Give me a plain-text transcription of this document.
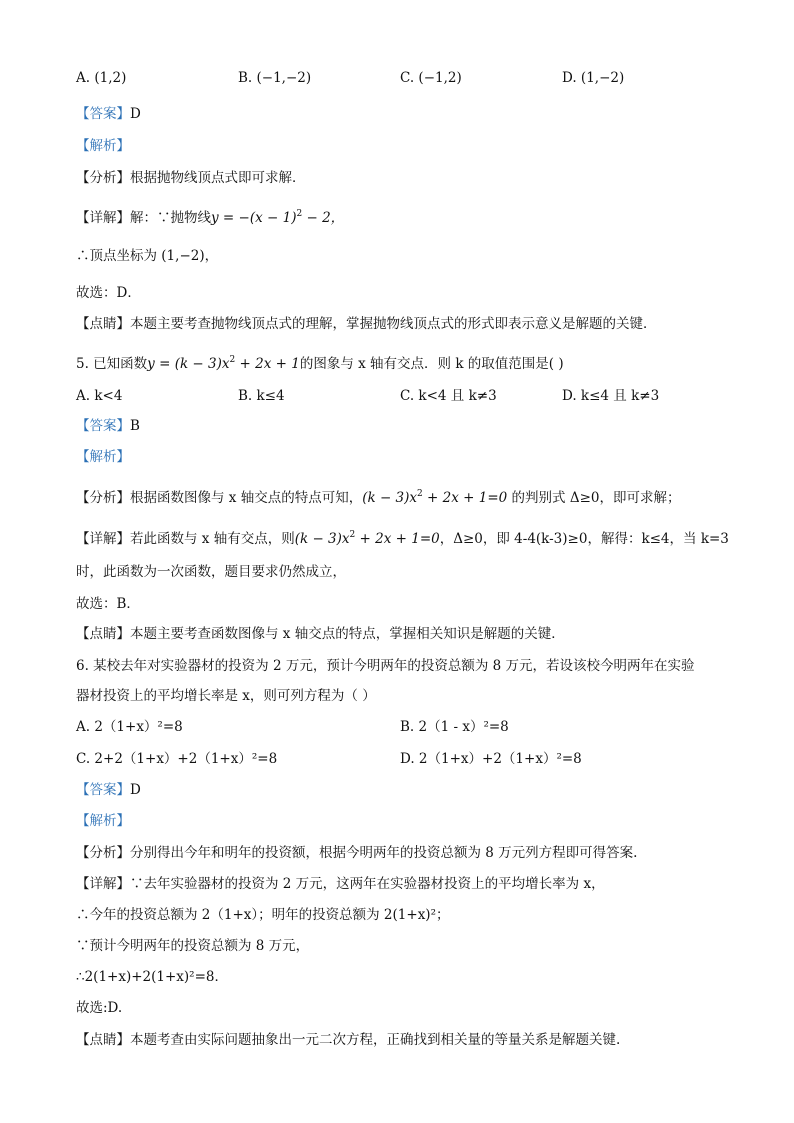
A. (1,2)	B. (−1,−2)	C. (−1,2)	D. (1,−2)
【答案】D
【解析】
【分析】根据抛物线顶点式即可求解．
【详解】解：∵抛物线$y = -(x - 1)^2 - 2$，
∴顶点坐标为 (1,−2)，
故选：D．
【点睛】本题主要考查抛物线顶点式的理解，掌握抛物线顶点式的形式即表示意义是解题的关键．
5. 已知函数$y = (k - 3)x^2 + 2x + 1$的图象与 x 轴有交点．则 k 的取值范围是( )
A. k<4	B. k≤4	C. k<4 且 k≠3	D. k≤4 且 k≠3
【答案】B
【解析】
【分析】根据函数图像与 x 轴交点的特点可知，$(k - 3)x^2 + 2x + 1=0$ 的判别式 Δ≥0，即可求解；
【详解】若此函数与 x 轴有交点，则$(k - 3)x^2 + 2x + 1=0$，Δ≥0，即 4-4(k-3)≥0，解得：k≤4，当 k=3
时，此函数为一次函数，题目要求仍然成立，
故选：B．
【点睛】本题主要考查函数图像与 x 轴交点的特点，掌握相关知识是解题的关键．
6. 某校去年对实验器材的投资为 2 万元，预计今明两年的投资总额为 8 万元，若设该校今明两年在实验
器材投资上的平均增长率是 x，则可列方程为（ ）
A. 2（1+x）²=8	B. 2（1 - x）²=8
C. 2+2（1+x）+2（1+x）²=8	D. 2（1+x）+2（1+x）²=8
【答案】D
【解析】
【分析】分别得出今年和明年的投资额，根据今明两年的投资总额为 8 万元列方程即可得答案.
【详解】∵去年实验器材的投资为 2 万元，这两年在实验器材投资上的平均增长率为 x，
∴今年的投资总额为 2（1+x）；明年的投资总额为 2(1+x)²；
∵预计今明两年的投资总额为 8 万元，
∴2(1+x)+2(1+x)²=8．
故选:D.
【点睛】本题考查由实际问题抽象出一元二次方程，正确找到相关量的等量关系是解题关键.
